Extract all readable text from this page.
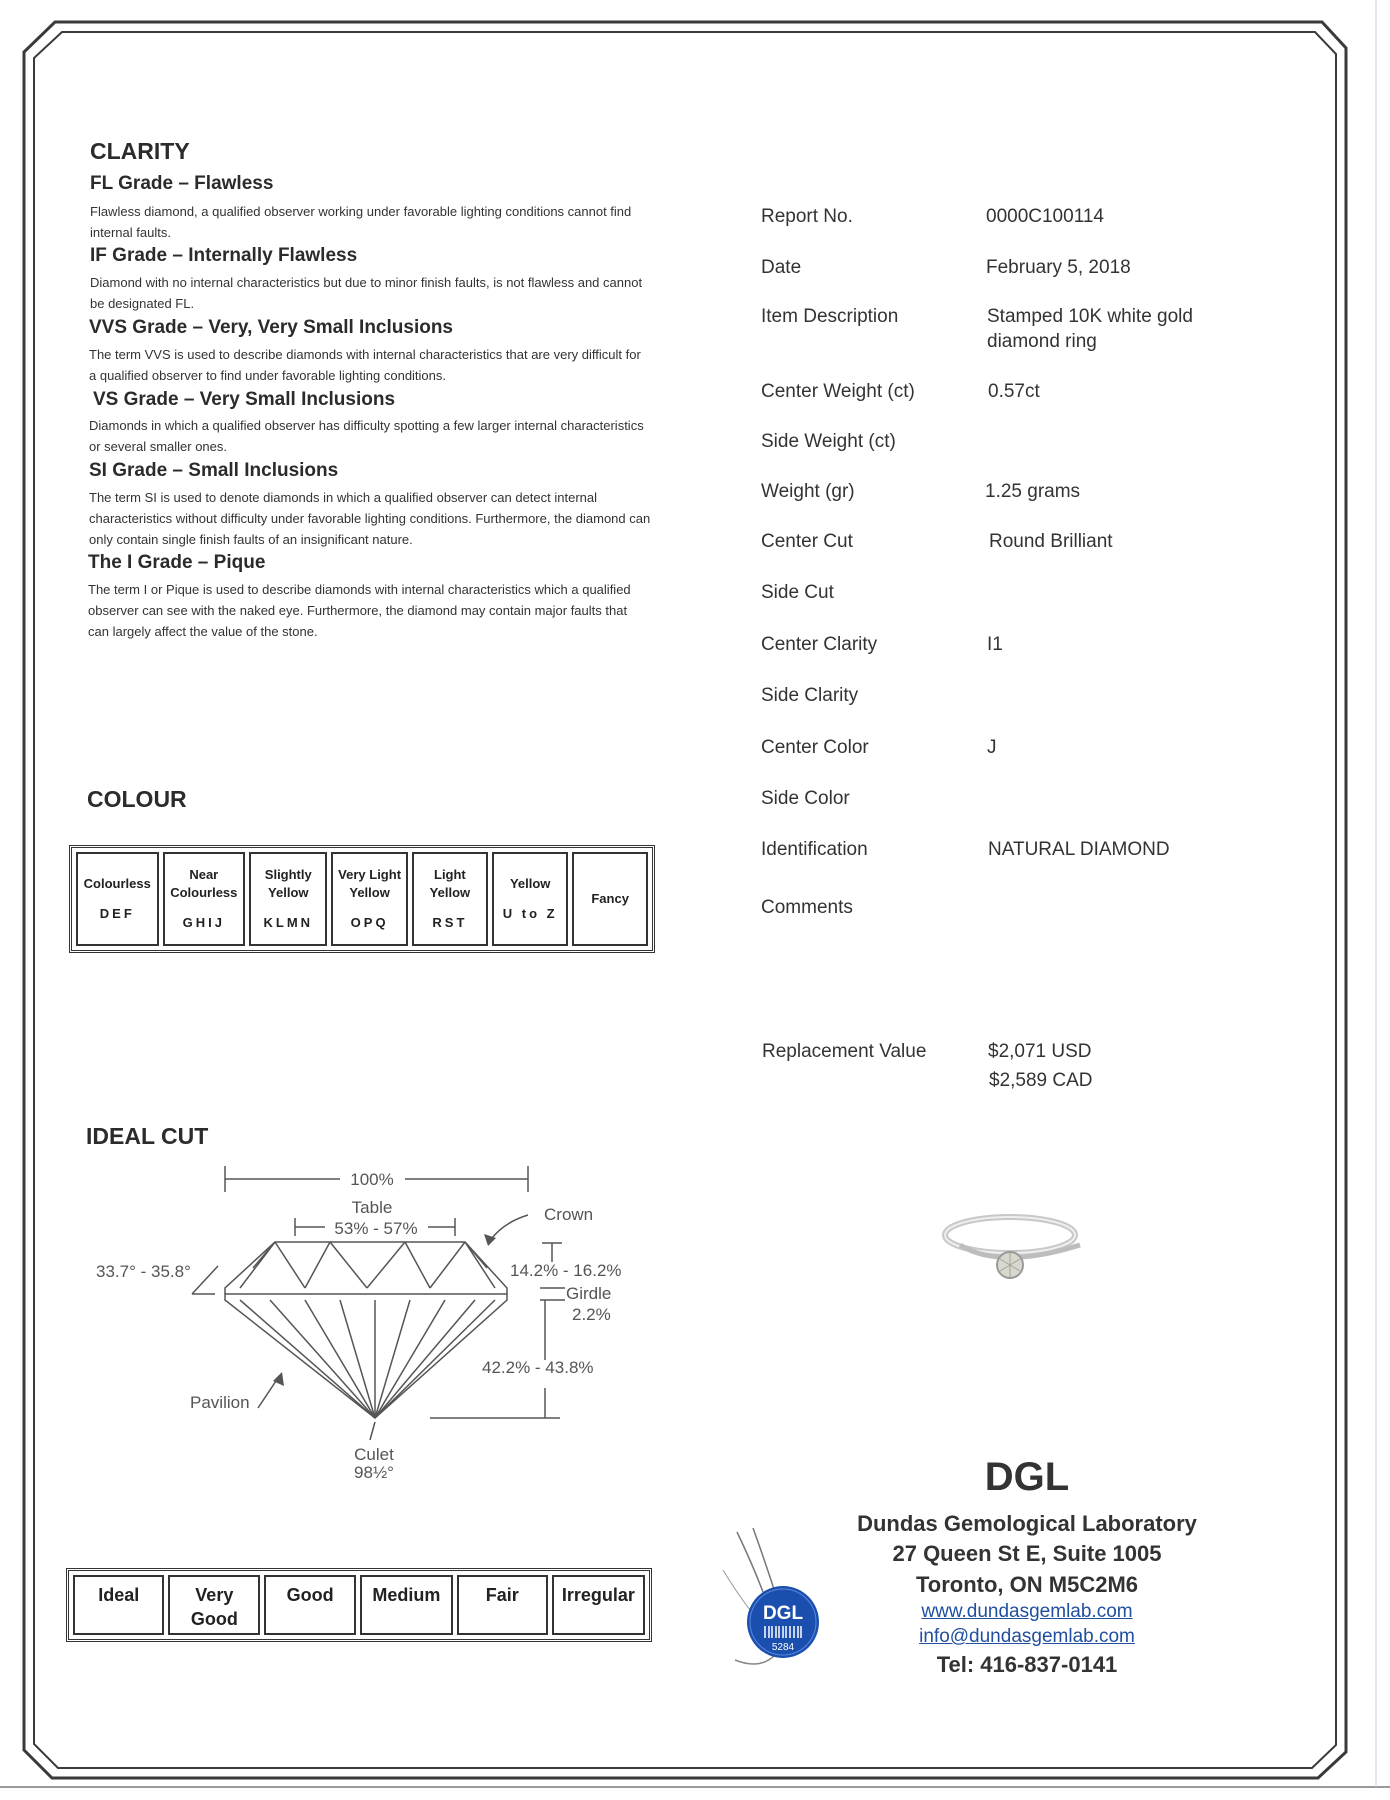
CLARITY
FL Grade – Flawless
Flawless diamond, a qualified observer working under favorable lighting conditions cannot find internal faults.
IF Grade – Internally Flawless
Diamond with no internal characteristics but due to minor finish faults, is not flawless and cannot be designated FL.
VVS Grade – Very, Very Small Inclusions
The term VVS is used to describe diamonds with internal characteristics that are very difficult for a qualified observer to find under favorable lighting conditions.
VS Grade – Very Small Inclusions
Diamonds in which a qualified observer has difficulty spotting a few larger internal characteristics or several smaller ones.
SI Grade – Small Inclusions
The term SI is used to denote diamonds in which a qualified observer can detect internal characteristics without difficulty under favorable lighting conditions. Furthermore, the diamond can only contain single finish faults of an insignificant nature.
The I Grade – Pique
The term I or Pique is used to describe diamonds with internal characteristics which a qualified observer can see with the naked eye. Furthermore, the diamond may contain major faults that can largely affect the value of the stone.
COLOUR
Colourless
DEF
	Near Colourless
GHIJ
	Slightly Yellow
KLMN
	Very Light Yellow
OPQ
	Light Yellow
RST
	Yellow
U to Z
	Fancy
IDEAL CUT
100%
Table
53% - 57%
Crown
33.7° - 35.8°	14.2% - 16.2%
Girdle
2.2%
42.2% - 43.8%
Pavilion
Culet
98½°
Ideal	Very Good	Good	Medium	Fair	Irregular
Report No.	0000C100114
Date	February 5, 2018
Item Description	Stamped 10K white gold diamond ring
Center Weight (ct)	0.57ct
Side Weight (ct)
Weight (gr)	1.25 grams
Center Cut	Round Brilliant
Side Cut
Center Clarity	I1
Side Clarity
Center Color	J
Side Color
Identification	NATURAL DIAMOND
Comments
Replacement Value	$2,071 USD
$2,589 CAD
DGL
Dundas Gemological Laboratory
27 Queen St E, Suite 1005
Toronto, ON M5C2M6
www.dundasgemlab.com
info@dundasgemlab.com
Tel: 416-837-0141
DGL
5284
